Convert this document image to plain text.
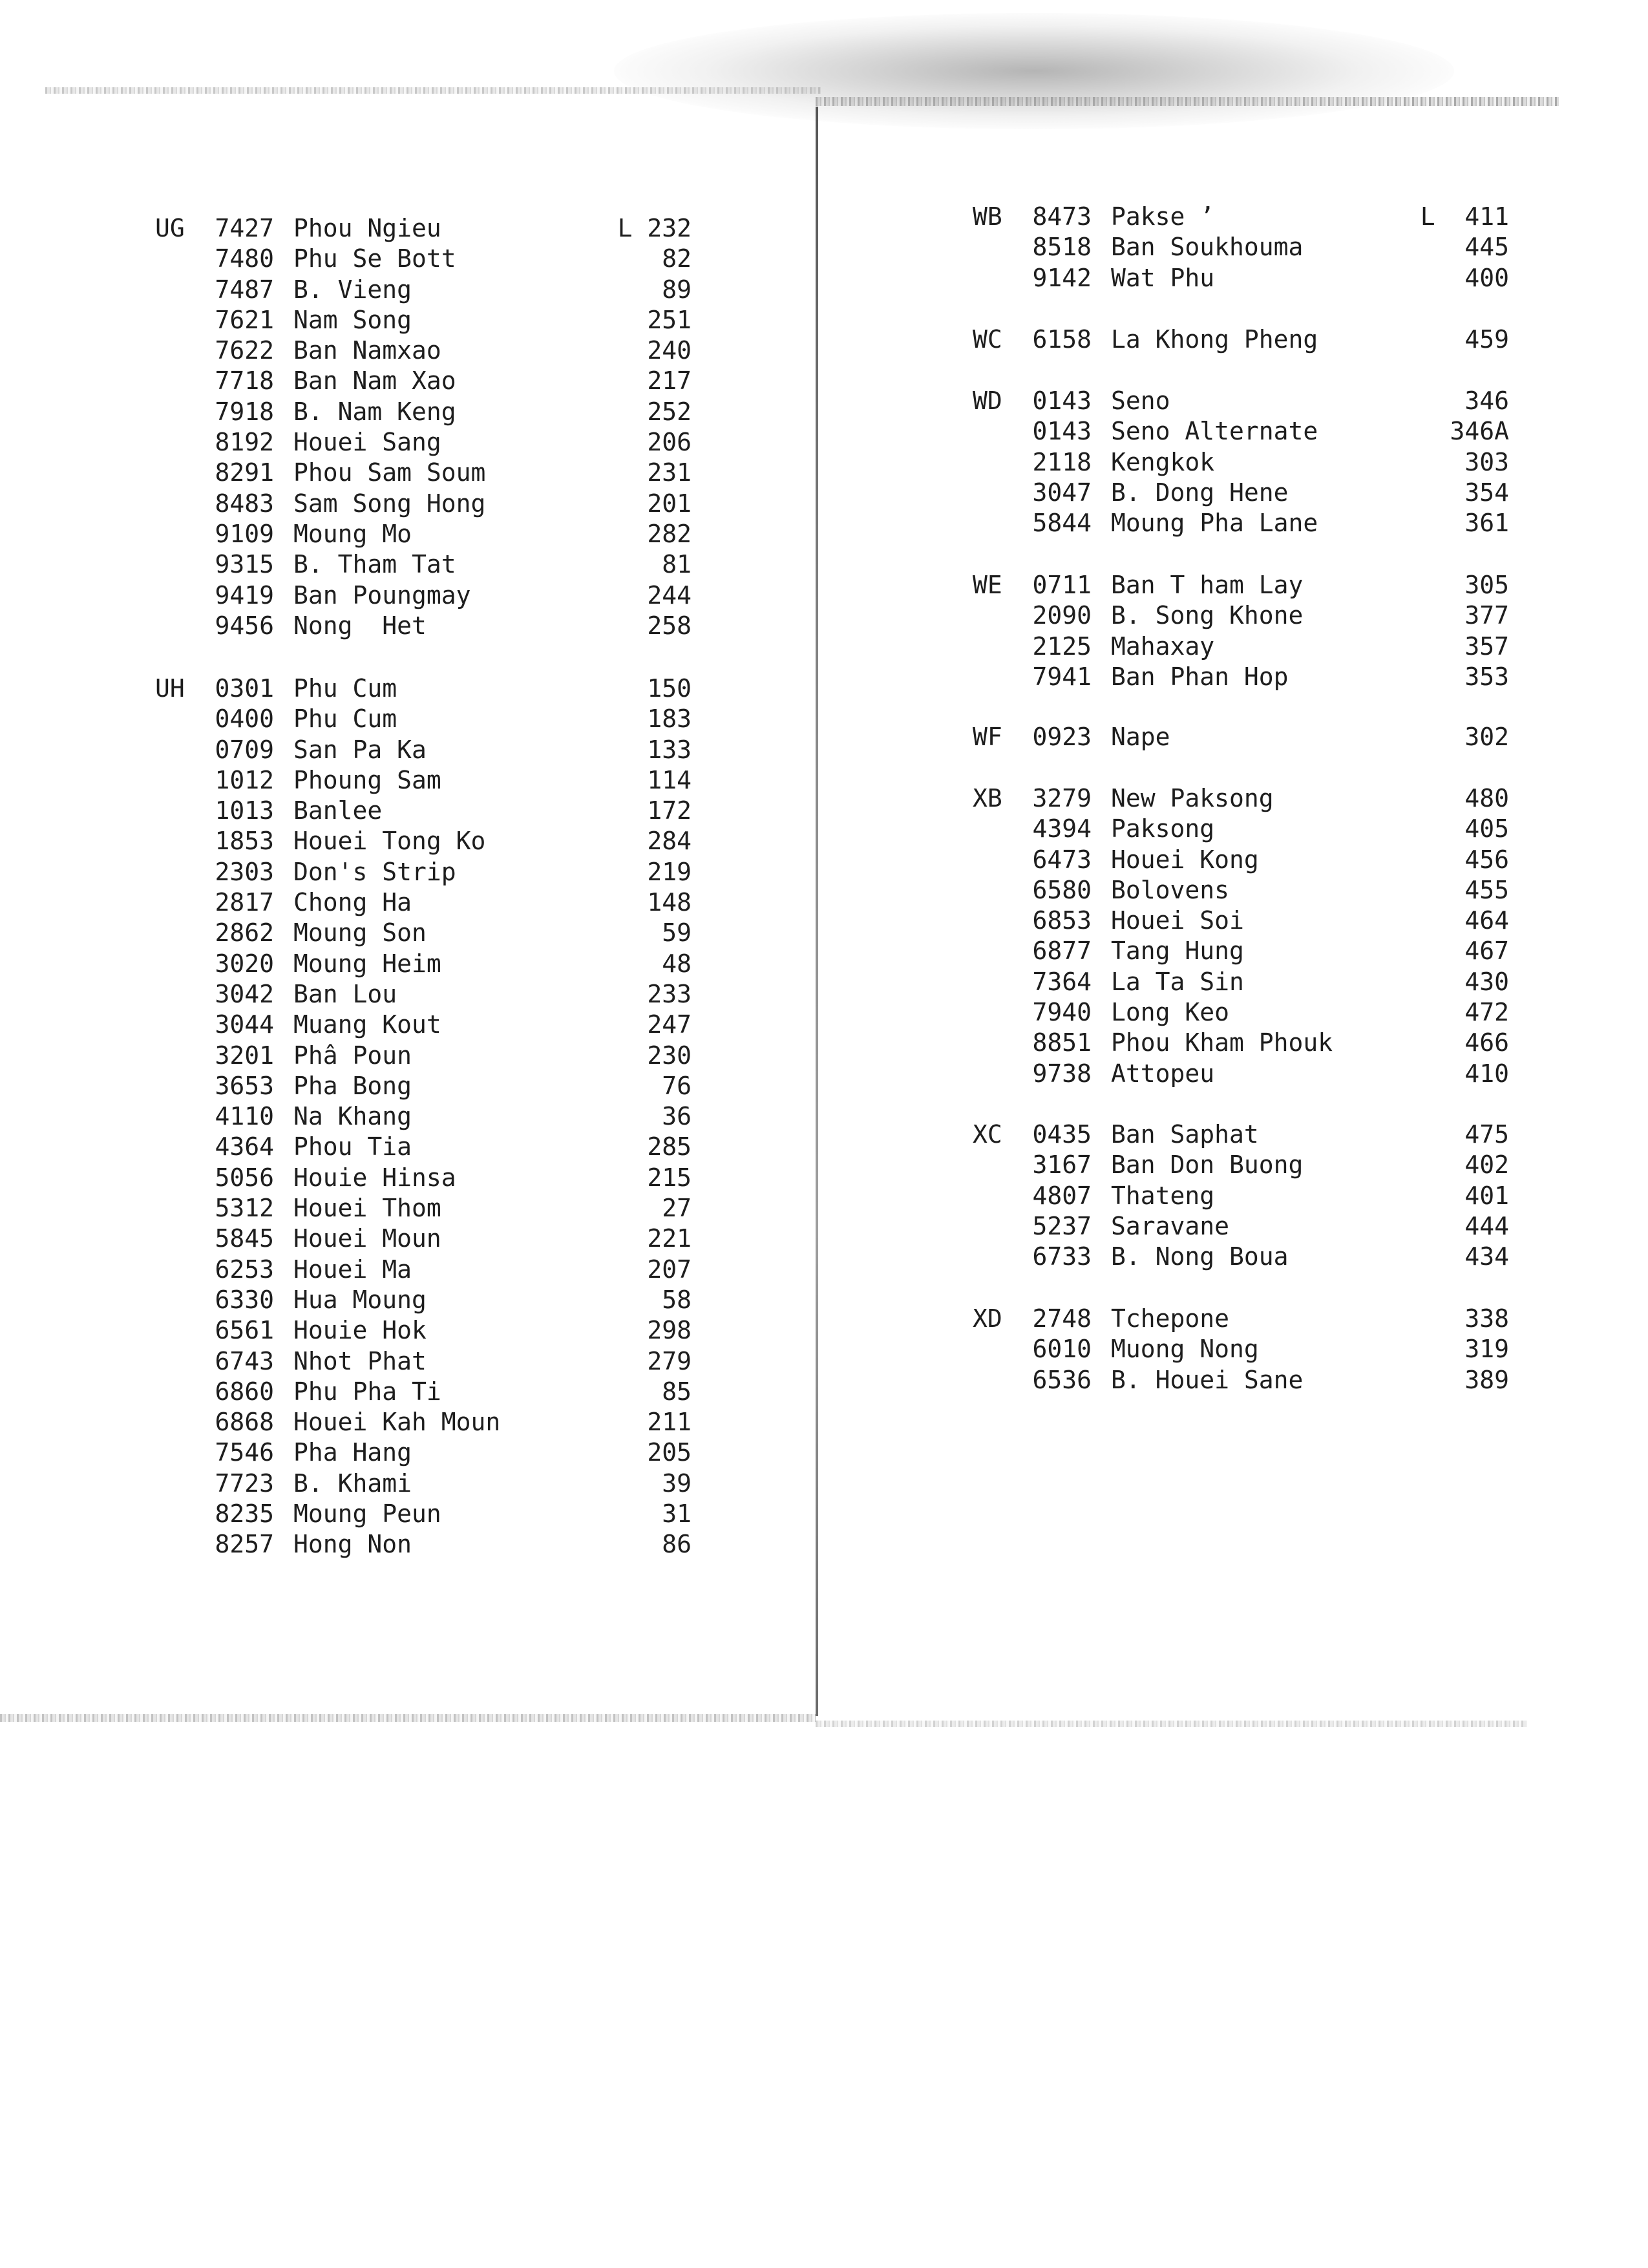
UG	7427 Phou Ngieu	L 232
7480 Phu Se Bott	82
7487 B. Vieng	89
7621 Nam Song	251
7622 Ban Namxao	240
7718 Ban Nam Xao	217
7918 B. Nam Keng	252
8192 Houei Sang	206
8291 Phou Sam Soum	231
8483 Sam Song Hong	201
9109 Moung Mo	282
9315 B. Tham Tat	81
9419 Ban Poungmay	244
9456 Nong  Het	258
UH	0301 Phu Cum	150
0400 Phu Cum	183
0709 San Pa Ka	133
1012 Phoung Sam	114
1013 Banlee	172
1853 Houei Tong Ko	284
2303 Don's Strip	219
2817 Chong Ha	148
2862 Moung Son	59
3020 Moung Heim	48
3042 Ban Lou	233
3044 Muang Kout	247
3201 Phâ Poun	230
3653 Pha Bong	76
4110 Na Khang	36
4364 Phou Tia	285
5056 Houie Hinsa	215
5312 Houei Thom	27
5845 Houei Moun	221
6253 Houei Ma	207
6330 Hua Moung	58
6561 Houie Hok	298
6743 Nhot Phat	279
6860 Phu Pha Ti	85
6868 Houei Kah Moun	211
7546 Pha Hang	205
7723 B. Khami	39
8235 Moung Peun	31
8257 Hong Non	86
WB	8473 Pakse ’	L  411
8518 Ban Soukhouma	445
9142 Wat Phu	400
WC	6158 La Khong Pheng	459
WD	0143 Seno	346
0143 Seno Alternate	346A
2118 Kengkok	303
3047 B. Dong Hene	354
5844 Moung Pha Lane	361
WE	0711 Ban T ham Lay	305
2090 B. Song Khone	377
2125 Mahaxay	357
7941 Ban Phan Hop	353
WF	0923 Nape	302
XB	3279 New Paksong	480
4394 Paksong	405
6473 Houei Kong	456
6580 Bolovens	455
6853 Houei Soi	464
6877 Tang Hung	467
7364 La Ta Sin	430
7940 Long Keo	472
8851 Phou Kham Phouk	466
9738 Attopeu	410
XC	0435 Ban Saphat	475
3167 Ban Don Buong	402
4807 Thateng	401
5237 Saravane	444
6733 B. Nong Boua	434
XD	2748 Tchepone	338
6010 Muong Nong	319
6536 B. Houei Sane	389
